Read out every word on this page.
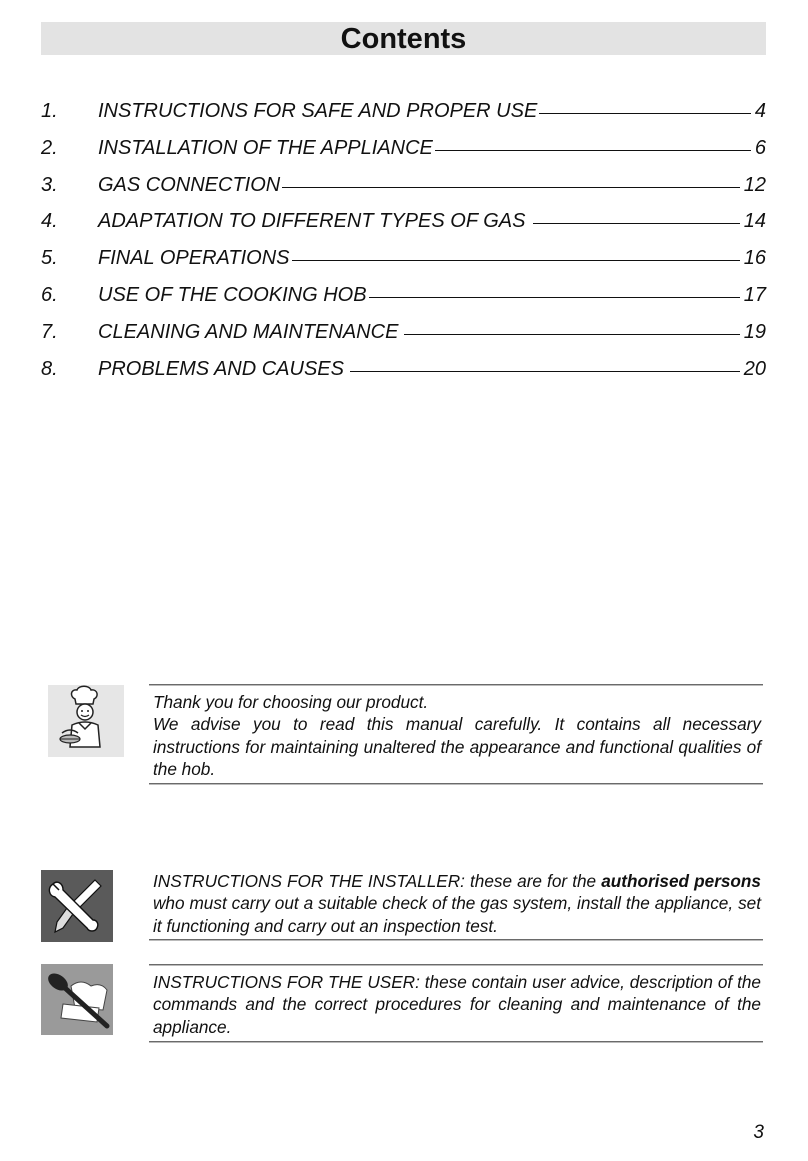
Contents
1.	INSTRUCTIONS FOR SAFE AND PROPER USE	4
2.	INSTALLATION OF THE APPLIANCE	6
3.	GAS CONNECTION	12
4.	ADAPTATION TO DIFFERENT TYPES OF GAS	14
5.	FINAL OPERATIONS	16
6.	USE OF THE COOKING HOB	17
7.	CLEANING AND MAINTENANCE	19
8.	PROBLEMS AND CAUSES	20
Thank you for choosing our product.
We advise you to read this manual carefully. It contains all necessary instructions for maintaining unaltered the appearance and functional qualities of the hob.
INSTRUCTIONS FOR THE INSTALLER: these are for the authorised persons who must carry out a suitable check of the gas system, install the appliance, set it functioning and carry out an inspection test.
INSTRUCTIONS FOR THE USER: these contain user advice, description of the commands and the correct procedures for cleaning and maintenance of the appliance.
3
